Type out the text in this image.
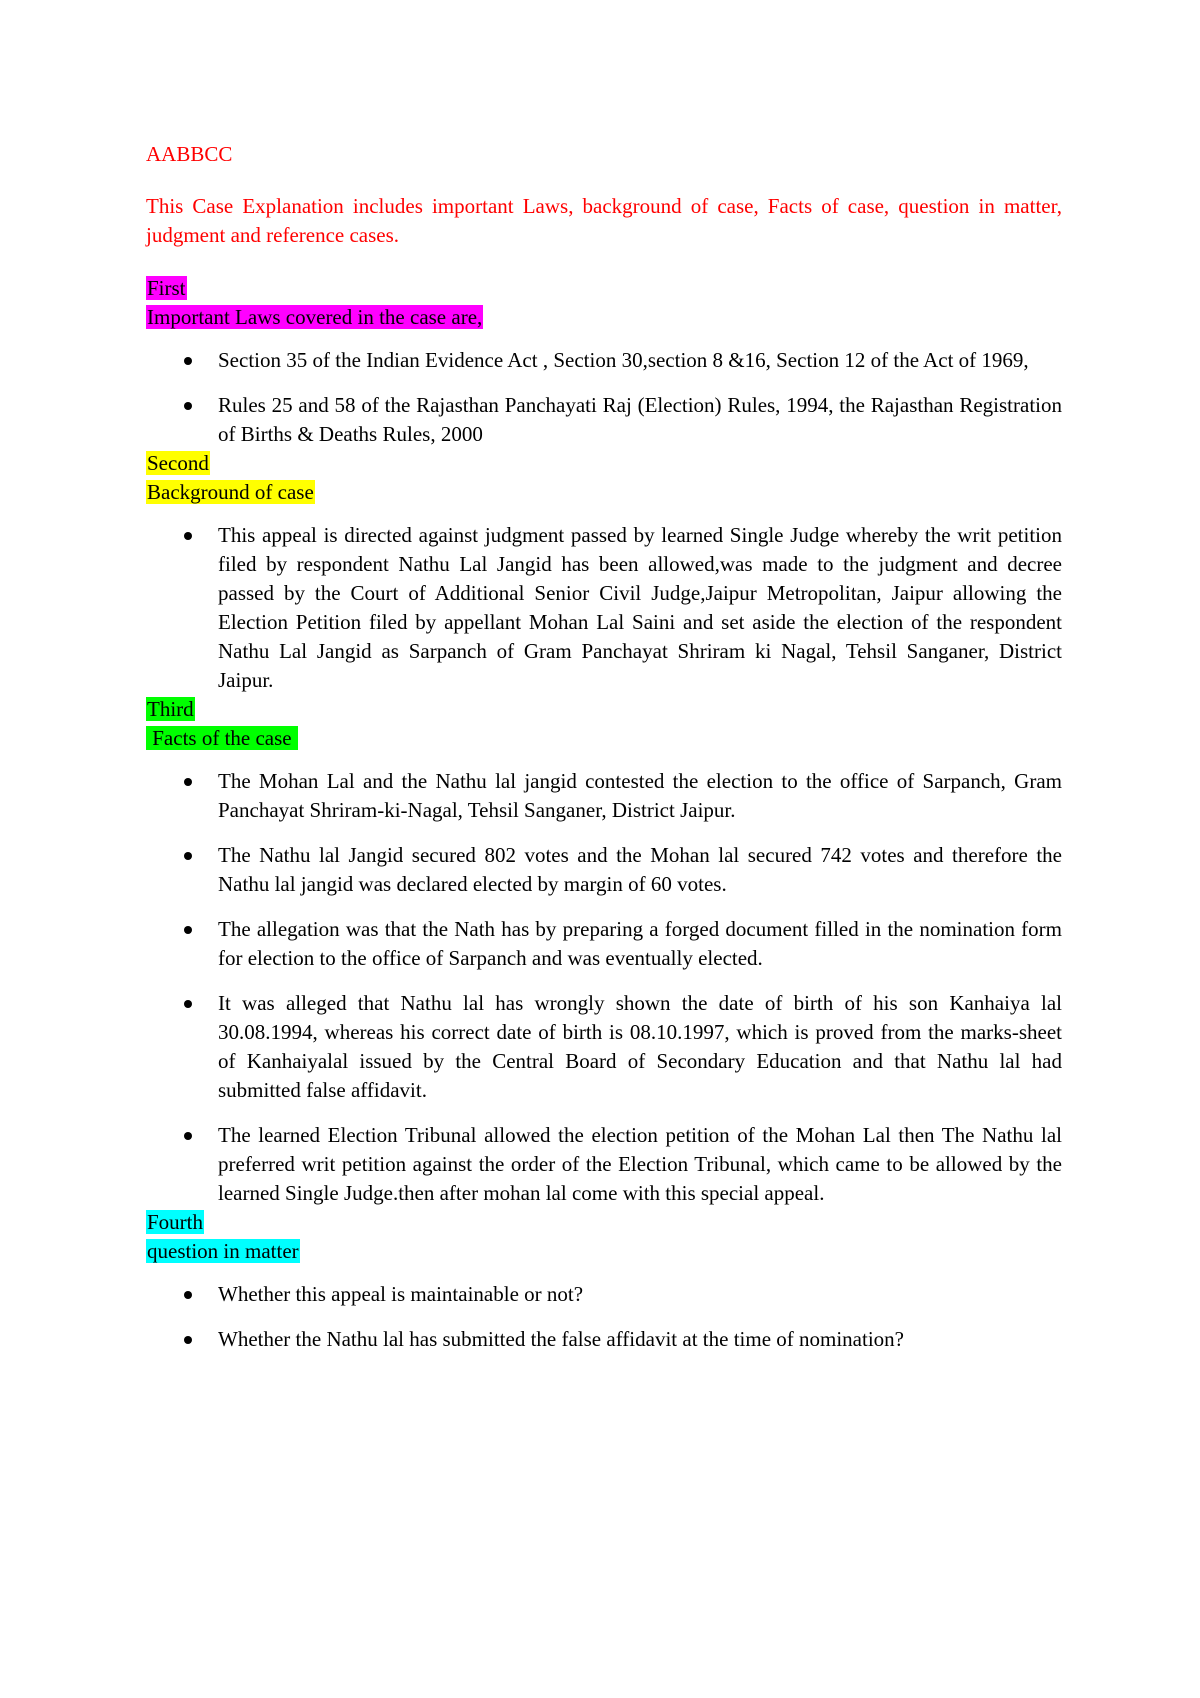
AABBCC

This Case Explanation includes important Laws, background of case, Facts of case, question in matter, judgment and reference cases.

First
Important Laws covered in the case are,
Section 35 of the Indian Evidence Act , Section 30,section 8 &16, Section 12 of the Act of 1969,
Rules 25 and 58 of the Rajasthan Panchayati Raj (Election) Rules, 1994, the Rajasthan Registration of Births & Deaths Rules, 2000
Second
Background of case
This appeal is directed against judgment passed by learned Single Judge whereby the writ petition filed by respondent Nathu Lal Jangid has been allowed,was made to the judgment and decree passed by the Court of Additional Senior Civil Judge,Jaipur Metropolitan, Jaipur allowing the Election Petition filed by appellant Mohan Lal Saini and set aside the election of the respondent Nathu Lal Jangid as Sarpanch of Gram Panchayat Shriram ki Nagal, Tehsil Sanganer, District Jaipur.
Third
Facts of the case
The Mohan Lal and the Nathu lal jangid contested the election to the office of Sarpanch, Gram Panchayat Shriram-ki-Nagal, Tehsil Sanganer, District Jaipur.
The Nathu lal Jangid secured 802 votes and the Mohan lal secured 742 votes and therefore the Nathu lal jangid was declared elected by margin of 60 votes.
The allegation was that the Nath has by preparing a forged document filled in the nomination form for election to the office of Sarpanch and was eventually elected.
It was alleged that Nathu lal has wrongly shown the date of birth of his son Kanhaiya lal 30.08.1994, whereas his correct date of birth is 08.10.1997, which is proved from the marks-sheet of Kanhaiyalal issued by the Central Board of Secondary Education and that Nathu lal had submitted false affidavit.
The learned Election Tribunal allowed the election petition of the Mohan Lal then The Nathu lal preferred writ petition against the order of the Election Tribunal, which came to be allowed by the learned Single Judge.then after mohan lal come with this special appeal.
Fourth
question in matter
Whether this appeal is maintainable or not?
Whether the Nathu lal has submitted the false affidavit at the time of nomination?
